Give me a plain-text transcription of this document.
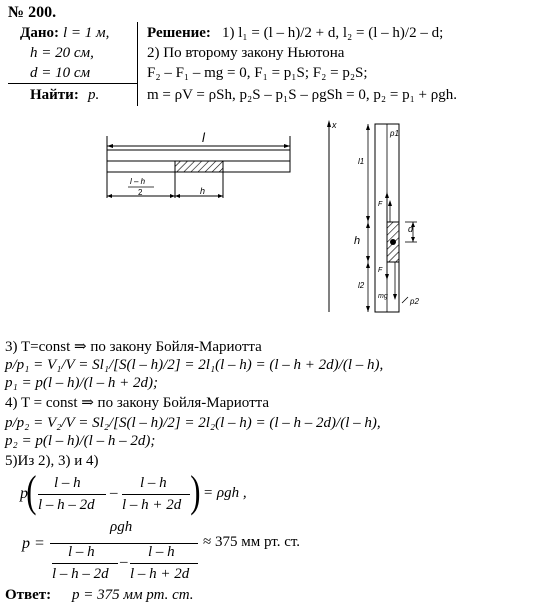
№ 200.
Дано: l = 1 м,
h = 20 см,
d = 10 см
Найти: p.
Решение: 1) l₁ = (l – h)/2 + d, l₂ = (l – h)/2 – d;
2) По второму закону Ньютона
F₂ – F₁ – mg = 0, F₁ = p₁S; F₂ = p₂S;
m = ρV = ρSh, p₂S – p₁S – ρgSh = 0, p₂ = p₁ + ρgh.
l
l – h
2	h
x
p1
l1
F
d
h
F
l2
mg
p2
3) T=const ⇒ по закону Бойля-Мариотта
p/p₁ = V₁/V = Sl₁/[S(l – h)/2] = 2l₁(l – h) = (l – h + 2d)/(l – h),
p₁ = p(l – h)/(l – h + 2d);
4) T = const ⇒ по закону Бойля-Мариотта
p/p₂ = V₂/V = Sl₂/[S(l – h)/2] = 2l₂(l – h) = (l – h – 2d)/(l – h),
p₂ = p(l – h)/(l – h – 2d);
5)Из 2), 3) и 4)
p
( l – h
l – h – 2d
–
l – h
l – h + 2d ) = ρgh ,
p =
ρgh
l – h
l – h – 2d
–
l – h
l – h + 2d
≈ 375 мм рт. ст.
Ответ: p = 375 мм рт. ст.
